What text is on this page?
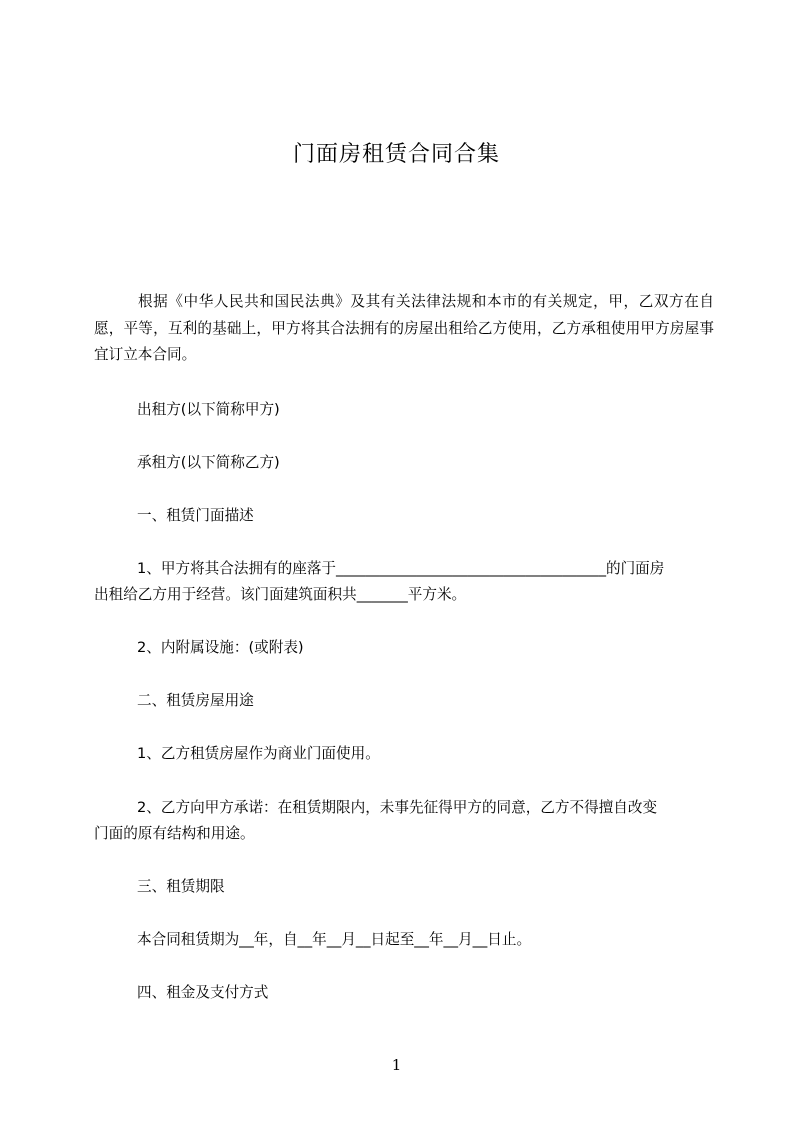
门面房租赁合同合集
根据《中华人民共和国民法典》及其有关法律法规和本市的有关规定，甲，乙双方在自愿，平等，互利的基础上，甲方将其合法拥有的房屋出租给乙方使用，乙方承租使用甲方房屋事宜订立本合同。
出租方(以下简称甲方)
承租方(以下简称乙方)
一、租赁门面描述
1、甲方将其合法拥有的座落于_____________________________________的门面房
出租给乙方用于经营。该门面建筑面积共_______平方米。
2、内附属设施：(或附表)
二、租赁房屋用途
1、乙方租赁房屋作为商业门面使用。
2、乙方向甲方承诺：在租赁期限内，未事先征得甲方的同意，乙方不得擅自改变
门面的原有结构和用途。
三、租赁期限
本合同租赁期为__年，自__年__月__日起至__年__月__日止。
四、租金及支付方式
1
